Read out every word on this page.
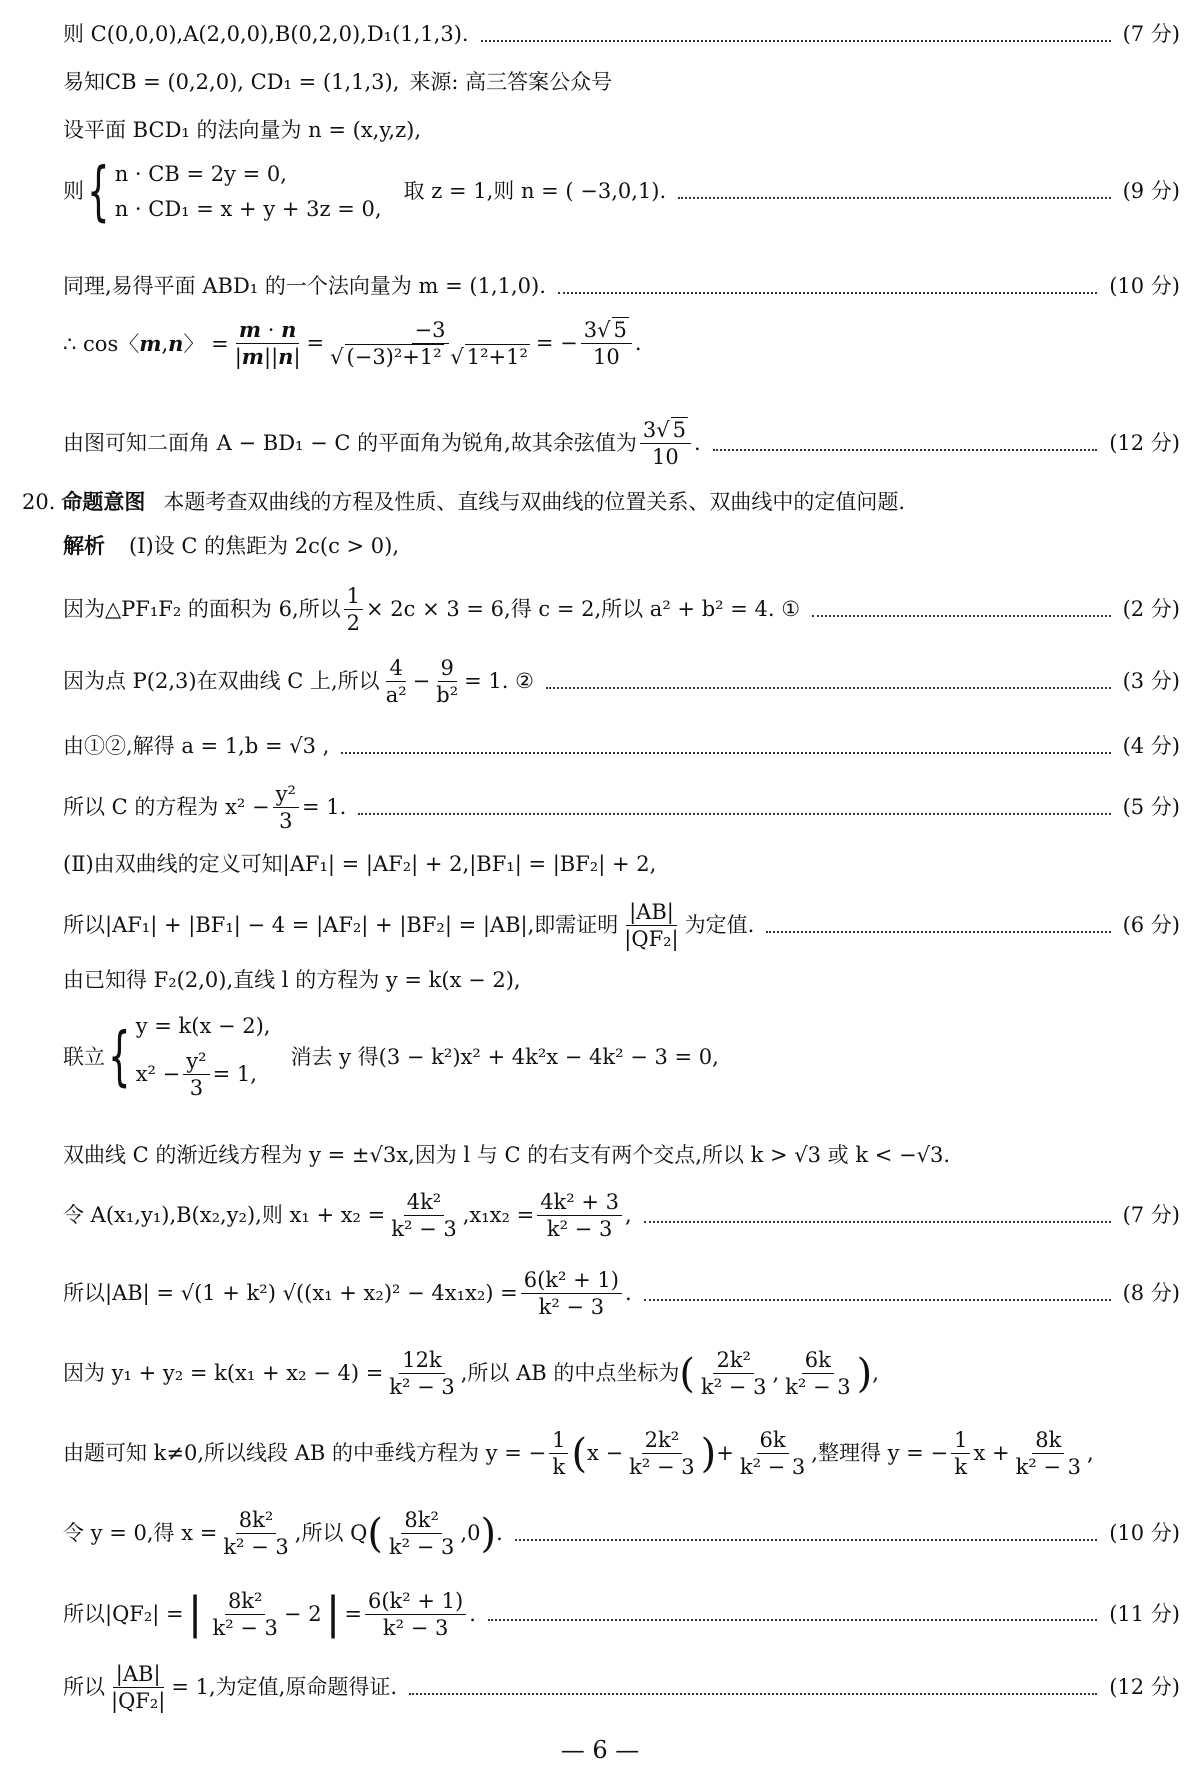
则 C(0,0,0),A(2,0,0),B(0,2,0),D₁(1,1,3).	(7 分)
易知CB = (0,2,0), CD₁ = (1,1,3), 来源: 高三答案公众号
设平面 BCD₁ 的法向量为 n = (x,y,z),
则 { n · CB = 2y = 0,
n · CD₁ = x + y + 3z = 0,
取 z = 1,则 n = ( −3,0,1).	(9 分)
同理,易得平面 ABD₁ 的一个法向量为 m = (1,1,0).	(10 分)
∴ cos〈m,n〉 = $\frac{m \cdot n}{|m||n|} = \frac{-3}{\text{√ (−3)²+1² √ 1²+1²}}$ = − $\frac{3√ 5}{10}$ .
由图可知二面角 A − BD₁ − C 的平面角为锐角,故其余弦值为 $\frac{3√ 5}{10}$ .	(12 分)
20. 命题意图 本题考查双曲线的方程及性质、直线与双曲线的位置关系、双曲线中的定值问题.
解析 (Ⅰ)设 C 的焦距为 2c(c > 0),
因为△PF₁F₂ 的面积为 6,所以 $\frac{1}{2} \times 2c \times 3 = 6$,得 c = 2,所以 a² + b² = 4. ①	(2 分)
因为点 P(2,3)在双曲线 C 上,所以 $\frac{4}{\text{a²}} - \frac{9}{\text{b²}} = 1$. ②	(3 分)
由①②,解得 a = 1,b = √3 ,	(4 分)
所以 C 的方程为 $x^2 - \frac{\text{y²}}{3} = 1$.	(5 分)
(Ⅱ)由双曲线的定义可知|AF₁| = |AF₂| + 2,|BF₁| = |BF₂| + 2,
所以|AF₁| + |BF₁| − 4 = |AF₂| + |BF₂| = |AB|,即需证明 $\frac{|AB|}{\text{|QF₂|}}$ 为定值.	(6 分)
由已知得 F₂(2,0),直线 l 的方程为 y = k(x − 2),
联立 { y = k(x − 2),
$x^2 - \frac{\text{y²}}{3} = 1$,
消去 y 得(3 − k²)x² + 4k²x − 4k² − 3 = 0,
双曲线 C 的渐近线方程为 y = ±√3x,因为 l 与 C 的右支有两个交点,所以 k > √3 或 k < −√3.
令 A(x₁,y₁),B(x₂,y₂),则 $x_1 + x_2 = \frac{\text{4k²}}{\text{k² − 3}} ,x_1x_2 = \frac{\text{4k² + 3}}{\text{k² − 3}}$ ,	(7 分)
所以|AB| = √(1 + k²) $√((x_1 + x_2)^2 - 4x_1x_2) = \frac{\text{6(k² + 1)}}{\text{k² − 3}}$ .	(8 分)
因为 $y_1 + y_2 = k(x_1 + x_2 - 4) = \frac{12k}{\text{k² − 3}}$ ,所以 AB 的中点坐标为 ( $\frac{\text{2k²}}{\text{k² − 3}}$ , $\frac{6k}{\text{k² − 3}}$ ) ,
由题可知 k≠0,所以线段 AB 的中垂线方程为 y = − $\frac{1}{k}$ ( $x - \frac{\text{2k²}}{\text{k² − 3}}$ ) + $\frac{6k}{\text{k² − 3}}$ ,整理得 y = − $\frac{1}{k}$ $x + \frac{8k}{\text{k² − 3}}$ ,
令 y = 0,得 $x = \frac{\text{8k²}}{\text{k² − 3}}$ ,所以 Q ( $\frac{\text{8k²}}{\text{k² − 3}} ,0$ ) .	(10 分)
所以|QF₂| = | $\frac{\text{8k²}}{\text{k² − 3}} - 2$ | = $\frac{\text{6(k² + 1)}}{\text{k² − 3}}$ .	(11 分)
所以 $\frac{|AB|}{\text{|QF₂|}} = 1$,为定值,原命题得证.	(12 分)
— 6 —
